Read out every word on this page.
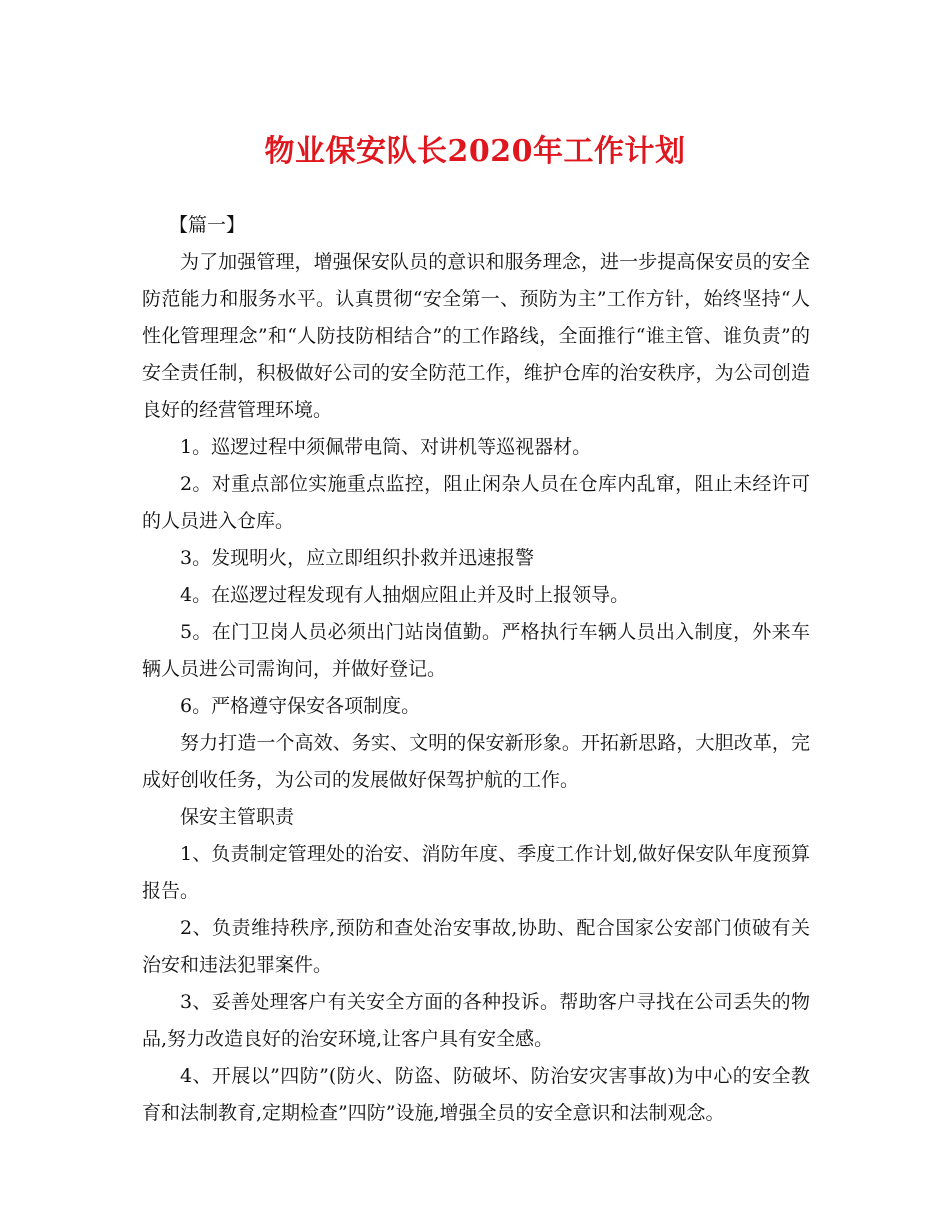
物业保安队长2020年工作计划

【篇一】

为了加强管理，增强保安队员的意识和服务理念，进一步提高保安员的安全防范能力和服务水平。认真贯彻“安全第一、预防为主”工作方针，始终坚持“人性化管理理念”和“人防技防相结合”的工作路线，全面推行“谁主管、谁负责”的安全责任制，积极做好公司的安全防范工作，维护仓库的治安秩序，为公司创造良好的经营管理环境。

1。巡逻过程中须佩带电筒、对讲机等巡视器材。

2。对重点部位实施重点监控，阻止闲杂人员在仓库内乱窜，阻止未经许可的人员进入仓库。

3。发现明火，应立即组织扑救并迅速报警

4。在巡逻过程发现有人抽烟应阻止并及时上报领导。

5。在门卫岗人员必须出门站岗值勤。严格执行车辆人员出入制度，外来车辆人员进公司需询问，并做好登记。

6。严格遵守保安各项制度。

努力打造一个高效、务实、文明的保安新形象。开拓新思路，大胆改革，完成好创收任务，为公司的发展做好保驾护航的工作。

保安主管职责

1、负责制定管理处的治安、消防年度、季度工作计划,做好保安队年度预算报告。

2、负责维持秩序,预防和查处治安事故,协助、配合国家公安部门侦破有关治安和违法犯罪案件。

3、妥善处理客户有关安全方面的各种投诉。帮助客户寻找在公司丢失的物品,努力改造良好的治安环境,让客户具有安全感。

4、开展以”四防”(防火、防盗、防破坏、防治安灾害事故)为中心的安全教育和法制教育,定期检查”四防”设施,增强全员的安全意识和法制观念。
